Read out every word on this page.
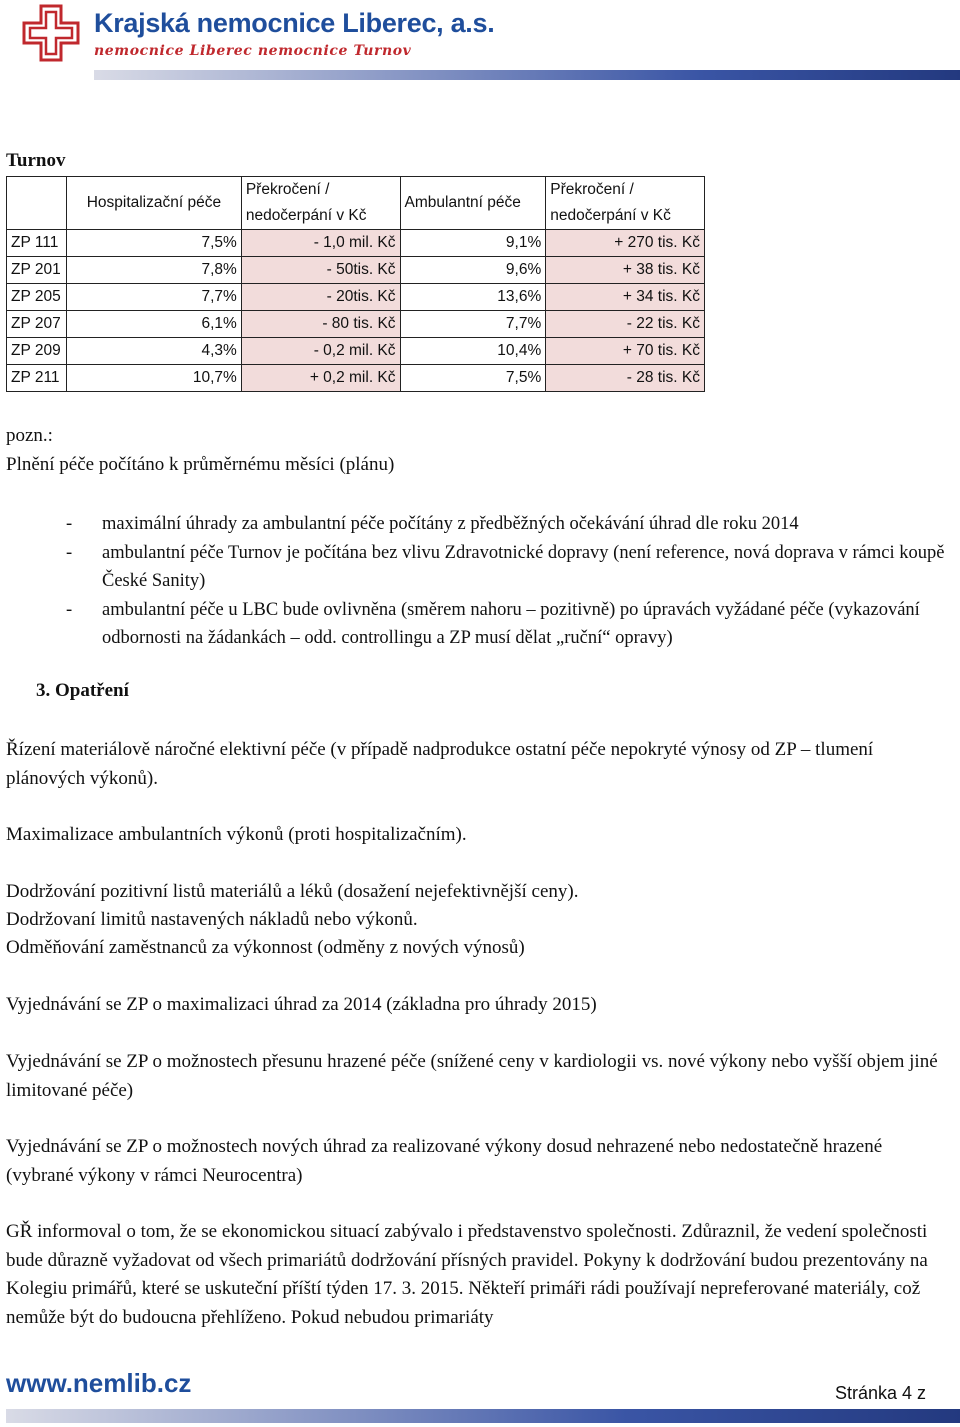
Krajská nemocnice Liberec, a.s.
nemocnice Liberec nemocnice Turnov
Turnov
	Hospitalizační péče	Překročení / nedočerpání v Kč	Ambulantní péče	Překročení / nedočerpání v Kč

ZP 111	7,5%	- 1,0 mil. Kč	9,1%	+ 270 tis. Kč
ZP 201	7,8%	- 50tis. Kč	9,6%	+ 38 tis. Kč
ZP 205	7,7%	- 20tis. Kč	13,6%	+ 34 tis. Kč
ZP 207	6,1%	- 80 tis. Kč	7,7%	- 22 tis. Kč
ZP 209	4,3%	- 0,2 mil. Kč	10,4%	+ 70 tis. Kč
ZP 211	10,7%	+ 0,2 mil. Kč	7,5%	- 28 tis. Kč
pozn.:
Plnění péče počítáno k průměrnému měsíci (plánu)
- maximální úhrady za ambulantní péče počítány z předběžných očekávání úhrad dle roku 2014
- ambulantní péče Turnov je počítána bez vlivu Zdravotnické dopravy (není reference, nová doprava v rámci koupě České Sanity)
- ambulantní péče u LBC bude ovlivněna (směrem nahoru – pozitivně) po úpravách vyžádané péče (vykazování odbornosti na žádankách – odd. controllingu a ZP musí dělat „ruční“ opravy)
3. Opatření
Řízení materiálově náročné elektivní péče (v případě nadprodukce ostatní péče nepokryté výnosy od ZP – tlumení plánových výkonů).
Maximalizace ambulantních výkonů (proti hospitalizačním).
Dodržování pozitivní listů materiálů a léků (dosažení nejefektivnější ceny).
Dodržovaní limitů nastavených nákladů nebo výkonů.
Odměňování zaměstnanců za výkonnost (odměny z nových výnosů)
Vyjednávání se ZP o maximalizaci úhrad za 2014 (základna pro úhrady 2015)
Vyjednávání se ZP o možnostech přesunu hrazené péče (snížené ceny v kardiologii vs. nové výkony nebo vyšší objem jiné limitované péče)
Vyjednávání se ZP o možnostech nových úhrad za realizované výkony dosud nehrazené nebo nedostatečně hrazené (vybrané výkony v rámci Neurocentra)
GŘ informoval o tom, že se ekonomickou situací zabývalo i představenstvo společnosti. Zdůraznil, že vedení společnosti bude důrazně vyžadovat od všech primariátů dodržování přísných pravidel. Pokyny k dodržování budou prezentovány na Kolegiu primářů, které se uskuteční příští týden 17. 3. 2015. Někteří primáři rádi používají nepreferované materiály, což nemůže být do budoucna přehlíženo. Pokud nebudou primariáty
www.nemlib.cz	Stránka 4 z
